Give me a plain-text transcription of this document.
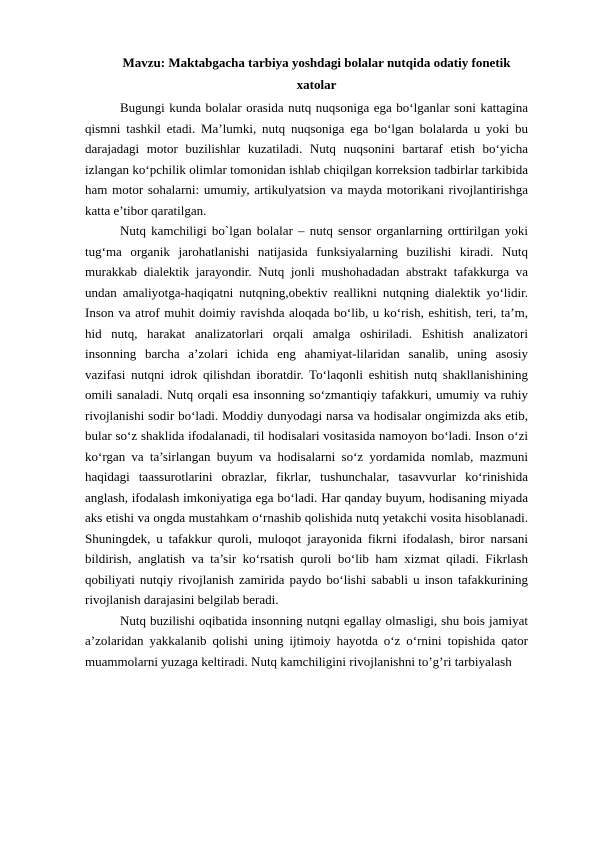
Mavzu: Maktabgacha tarbiya yoshdagi bolalar nutqida odatiy fonetik xatolar

Bugungi kunda bolalar orasida nutq nuqsoniga ega bo‘lganlar soni kattagina qismni tashkil etadi. Ma’lumki, nutq nuqsoniga ega bo‘lgan bolalarda u yoki bu darajadagi motor buzilishlar kuzatiladi. Nutq nuqsonini bartaraf etish bo‘yicha izlangan ko‘pchilik olimlar tomonidan ishlab chiqilgan korreksion tadbirlar tarkibida ham motor sohalarni: umumiy, artikulyatsion va mayda motorikani rivojlantirishga katta e’tibor qaratilgan.

Nutq kamchiligi bo`lgan bolalar – nutq sensor organlarning orttirilgan yoki tug‘ma organik jarohatlanishi natijasida funksiyalarning buzilishi kiradi. Nutq murakkab dialektik jarayondir. Nutq jonli mushohadadan abstrakt tafakkurga va undan amaliyotga-haqiqatni nutqning,obektiv reallikni nutqning dialektik yo‘lidir. Inson va atrof muhit doimiy ravishda aloqada bo‘lib, u ko‘rish, eshitish, teri, ta’m, hid nutq, harakat analizatorlari orqali amalga oshiriladi. Eshitish analizatori insonning barcha a’zolari ichida eng ahamiyat-lilaridan sanalib, uning asosiy vazifasi nutqni idrok qilishdan iboratdir. To‘laqonli eshitish nutq shakllanishining omili sanaladi. Nutq orqali esa insonning so‘zmantiqiy tafakkuri, umumiy va ruhiy rivojlanishi sodir bo‘ladi. Moddiy dunyodagi narsa va hodisalar ongimizda aks etib, bular so‘z shaklida ifodalanadi, til hodisalari vositasida namoyon bo‘ladi. Inson o‘zi ko‘rgan va ta’sirlangan buyum va hodisalarni so‘z yordamida nomlab, mazmuni haqidagi taassurotlarini obrazlar, fikrlar, tushunchalar, tasavvurlar ko‘rinishida anglash, ifodalash imkoniyatiga ega bo‘ladi. Har qanday buyum, hodisaning miyada aks etishi va ongda mustahkam o‘rnashib qolishida nutq yetakchi vosita hisoblanadi. Shuningdek, u tafakkur quroli, muloqot jarayonida fikrni ifodalash, biror narsani bildirish, anglatish va ta’sir ko‘rsatish quroli bo‘lib ham xizmat qiladi. Fikrlash qobiliyati nutqiy rivojlanish zamirida paydo bo‘lishi sababli u inson tafakkurining rivojlanish darajasini belgilab beradi.

Nutq buzilishi oqibatida insonning nutqni egallay olmasligi, shu bois jamiyat a’zolaridan yakkalanib qolishi uning ijtimoiy hayotda o‘z o‘rnini topishida qator muammolarni yuzaga keltiradi. Nutq kamchiligini rivojlanishni to’g’ri tarbiyalash
